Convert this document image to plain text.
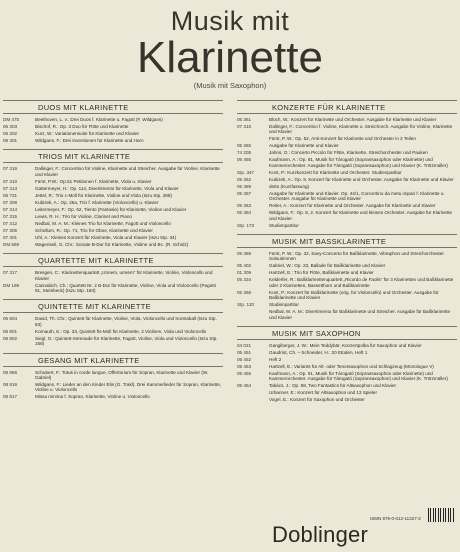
Musik mit
Klarinette
(Musik mit Saxophon)
DUOS MIT KLARINETTE
DM 475	Beethoven, L. v.: Drei Duos f. Klarinette u. Fagott (F. Wildgans)
06 303	Bischof, R.: Op. 3 Duo für Flöte und Klarinette
06 302	Kurz, W.: Variationensuite für Klarinette und Klavier
06 301	Wildgans, F.: Drei Inventionen für Klarinette und Horn
TRIOS MIT KLARINETTE
07 316	Dallinger, F.: Concertino für Violine, Klarinette und Streicher. Ausgabe für Violine, Klarinette und Klavier
07 310	Fürst, P.W.: Op.51 Petitionen f. Klarinette, Viola u. Klavier
07 313	Gattermeyer, H.: Op. 114, Divertimento für Klarinette, Viola und Klavier
06 731	Jettel, R.: Trio c-Moll für Klarinette, Violine und Viola (Iszu Stp. 288)
07 308	Kubizek, A.: Op. 26a, Trio f. Klarinette (Violoncello) u. Klavier
07 314	Leitermeyer, F.: Op. 62, Tiento (Fantasie) für Klarinette, Violine und Klavier
07 315	Lewis, R. H.: Trio für Violine, Clarinet and Piano
07 312	Nedbal, M. A. M.: Kleines Trio für Klarinette, Fagott und Violoncello
07 305	Schollum, R.: Op. 71, Trio für Oboe, Klarinette und Klavier
07 301	Uhl, A.: Kleines Konzert für Klarinette, Viola und Klavier (Iszu Stp. 34)
DM 569	Wagenseil, G. Chr.: Sonate B-Dur für Klarinette, Violine und Bc. (R. Scholz)
QUARTETTE MIT KLARINETTE
07 317	Bresgen, C.: Klarinettenquartett „Unnem, umrem“ für Klarinette, Violine, Violoncello und Klavier
DM 199	Cannabich, Ch.: Quartett Nr. 2 B-Dur für Klarinette, Violine, Viola und Violoncello (Pagotti 91, Steinbeck) (Iszu Stp. 183)
QUINTETTE MIT KLARINETTE
06 804	David, Th. Chr.: Quintett für Klarinette, Violine, Viola, Violoncello und Kontraball (Iszu Stp. 83)
06 801	Kornauth, E.: Op. 33, Quintett fis-Moll für Klarinette, 2 Violinen, Viola und Violoncello
06 802	Siegl, O.: Quintett-Serenade für Klarinette, Fagott, Violine, Viola und Violoncello (Iszu Stp. 168)
GESANG MIT KLARINETTE
08 866	Schubert, F.: Totus in corde langue, Offertorium für Sopran, Klarinette und Klavier (W. Gabriel)
08 816	Wildgans, F.: Lieder an den Kinder Elis (G. Trakl). Drei Kammerlieder für Sopran, Klarinette, Violine u. Violoncello
08 817	Missa minima f. Sopran, Klarinette, Violine u. Violoncello
KONZERTE FÜR KLARINETTE
05 361	Bloch, W.: Konzert für Klarinette und Orchester. Ausgabe für Klarinette und Klavier
07 316	Dallinger, F.: Concertino f. Violine, Klarinette u. Streichorch. Ausgabe für Violine, Klarinette und Klavier
Fürst, P. W.: Op. 52, Anti-Konzert für Klarinette und Orchester in 2 Teilen
05 365	Ausgabe für Klarinette und Klavier
74 205	Jahns, O.: Concerto Piccolo für Flöte, Klarinette, Streichorchester und Pauken
05 455	Kaufmann, A.: Op. 91, Musik für Tárogató (Sopransaxophon oder Klarinette) und Kammerorchester. Ausgabe für Tárogató (Sopransaxophon) und Klavier (K. Trötzmüller)
Stp. 347	Kont, P.: Kurzkonzert für Klarinette und Orchester. Studienpartitur
05 362	Kubizek, A.: Op. 9, Konzert für Klarinette und Orchester. Ausgabe für Klarinette und Klavier
05 389	detto (Kurzfassung)
05 387	Ausgabe für Klarinette und Klavier. Op. 44/1, Concertino da metu impari f. Klarinette u. Orchester. Ausgabe für Klarinette und Klavier
05 363	Reiter, A.: Konzert für Klarinette und Orchester. Ausgabe für Klarinette und Klavier
05 384	Wildgans, F.: Op. 8, 2. Konzert für Klarinette und kleines Orchester. Ausgabe für Klarinette und Klavier
Stp. 173	Studienpartitur
MUSIK MIT BASSKLARINETTE
05 386	Fürst, P. W.: Op. 32, Savy-Concerto für Baßklarinette, Vibraphon und Streichorchester. Soloutimmen
05 402	Gabriel, W.: Op. 23, Ballade für Baßklarinette und Klavier
01 309	Hartzell, E.: Trio für Flöte, Baßklarinette und Klavier
05 334	Kelderfer, R.: Baßklarinettenquartett „Ricordo de Faolis“ für 3 Klarinetten und Baßklarinette oder 2 Klarinetten, Bassetthorn und Baßklarinette
05 368	Kont, P.: Konzert für Baßklarinette (orig. für Violoncello) und Orchester. Ausgabe für Baßklarinette und Klavier
Stp. 120	Studienpartitur
Nedbal, M. A. M.: Divertimento für Baßklarinette und Streicher. Ausgabe für Baßklarinette und Klavier
MUSIK MIT SAXOPHON
04 021	Gangiberger, J. W.: Mein Teddybär, Konzertpolka für Saxophon und Klavier
05 451	Gaudriot, Ch. – Schneider, H.: 20 Etüden. Heft 1
05 452	Heft 2
05 453	Hartzell, E.: Variants für Alt- oder Tenorsaxophon und Schlagzeug (Monologue V)
05 455	Kaufmann, A.: Op. 91, Musik für Tárogató (Sopransaxophon oder Klarinette) und Kammerorchester. Ausgabe für Tárogató (Sopransaxophon) und Klavier (K. Trötzmüller)
05 454	Takács, J.: Op. 88, Two Fantastics für Altsaxophon und Klavier
Urbanner, E.: Konzert für Altsaxophon und 13 Spieler
Vogel, E.: Konzert für Saxophon und Orchester
ISMN 979-0-012-11327-2
Doblinger
